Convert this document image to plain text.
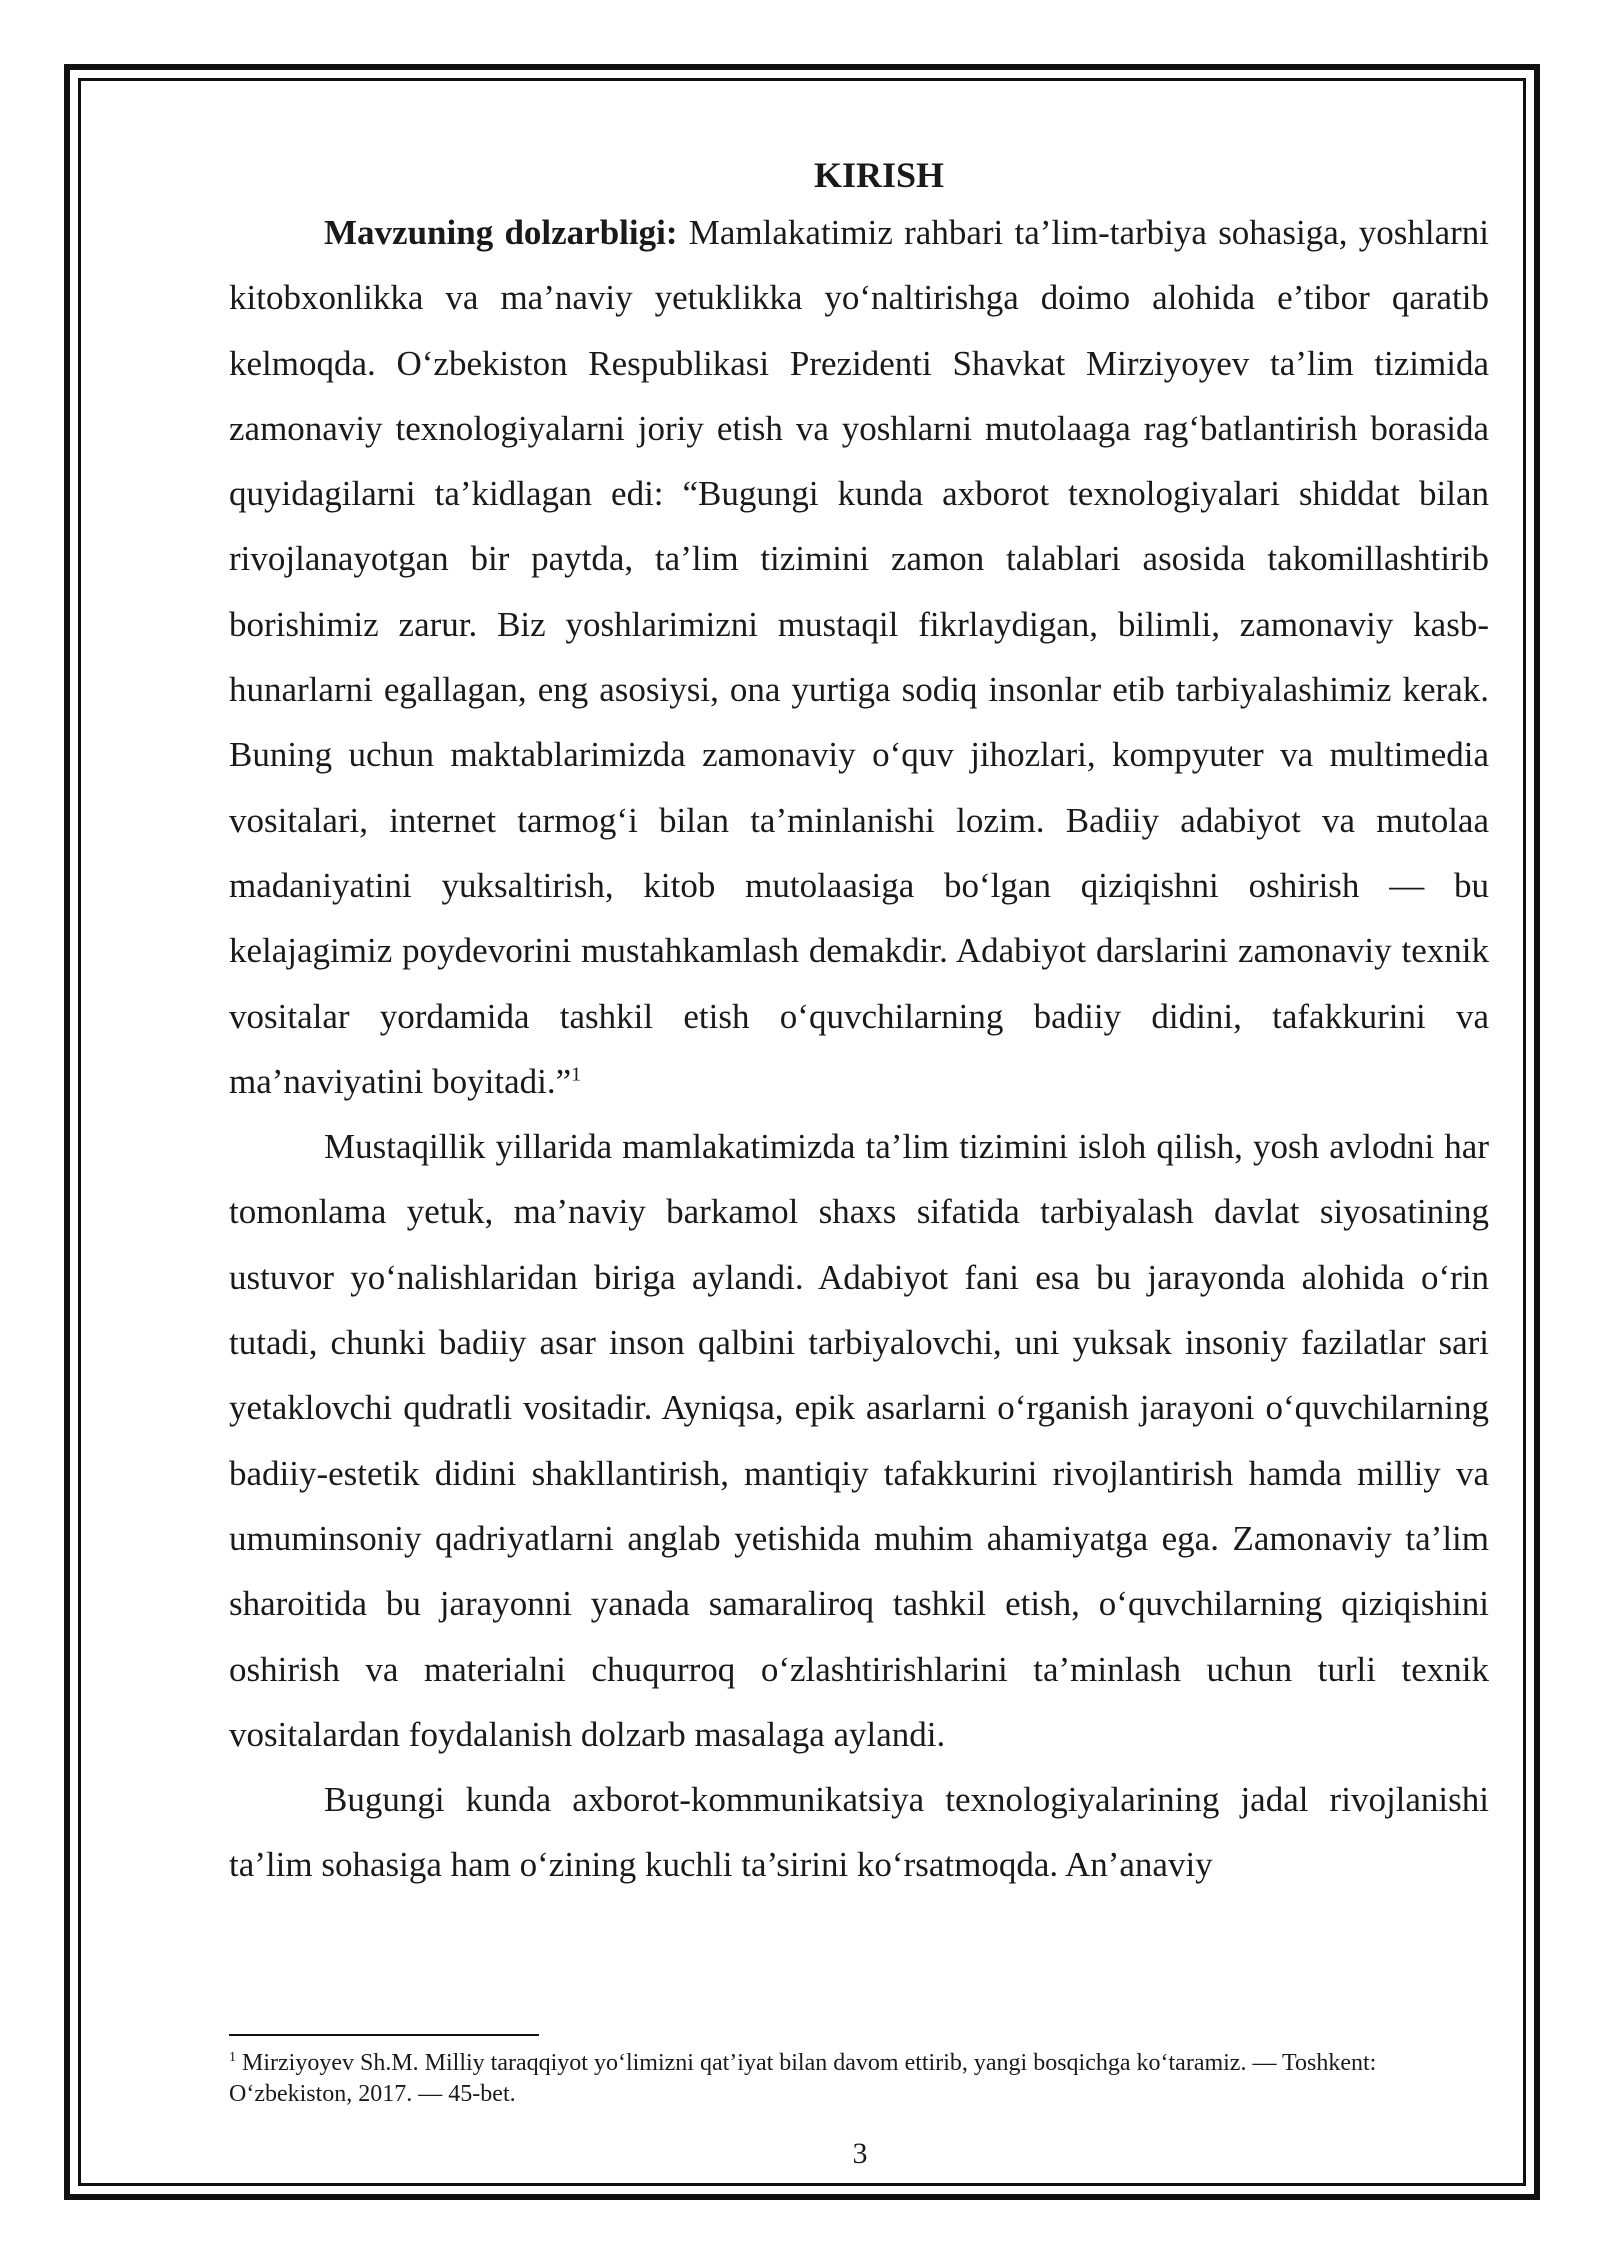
KIRISH

Mavzuning dolzarbligi: Mamlakatimiz rahbari ta’lim-tarbiya sohasiga, yoshlarni kitobxonlikka va ma’naviy yetuklikka yo‘naltirishga doimo alohida e’tibor qaratib kelmoqda. O‘zbekiston Respublikasi Prezidenti Shavkat Mirziyoyev ta’lim tizimida zamonaviy texnologiyalarni joriy etish va yoshlarni mutolaaga rag‘batlantirish borasida quyidagilarni ta’kidlagan edi: “Bugungi kunda axborot texnologiyalari shiddat bilan rivojlanayotgan bir paytda, ta’lim tizimini zamon talablari asosida takomillashtirib borishimiz zarur. Biz yoshlarimizni mustaqil fikrlaydigan, bilimli, zamonaviy kasb-hunarlarni egallagan, eng asosiysi, ona yurtiga sodiq insonlar etib tarbiyalashimiz kerak. Buning uchun maktablarimizda zamonaviy o‘quv jihozlari, kompyuter va multimedia vositalari, internet tarmog‘i bilan ta’minlanishi lozim. Badiiy adabiyot va mutolaa madaniyatini yuksaltirish, kitob mutolaasiga bo‘lgan qiziqishni oshirish — bu kelajagimiz poydevorini mustahkamlash demakdir. Adabiyot darslarini zamonaviy texnik vositalar yordamida tashkil etish o‘quvchilarning badiiy didini, tafakkurini va ma’naviyatini boyitadi.”$^1$

Mustaqillik yillarida mamlakatimizda ta’lim tizimini isloh qilish, yosh avlodni har tomonlama yetuk, ma’naviy barkamol shaxs sifatida tarbiyalash davlat siyosatining ustuvor yo‘nalishlaridan biriga aylandi. Adabiyot fani esa bu jarayonda alohida o‘rin tutadi, chunki badiiy asar inson qalbini tarbiyalovchi, uni yuksak insoniy fazilatlar sari yetaklovchi qudratli vositadir. Ayniqsa, epik asarlarni o‘rganish jarayoni o‘quvchilarning badiiy-estetik didini shakllantirish, mantiqiy tafakkurini rivojlantirish hamda milliy va umuminsoniy qadriyatlarni anglab yetishida muhim ahamiyatga ega. Zamonaviy ta’lim sharoitida bu jarayonni yanada samaraliroq tashkil etish, o‘quvchilarning qiziqishini oshirish va materialni chuqurroq o‘zlashtirishlarini ta’minlash uchun turli texnik vositalardan foydalanish dolzarb masalaga aylandi.

Bugungi kunda axborot-kommunikatsiya texnologiyalarining jadal rivojlanishi ta’lim sohasiga ham o‘zining kuchli ta’sirini ko‘rsatmoqda. An’anaviy

$^1$ Mirziyoyev Sh.M. Milliy taraqqiyot yo‘limizni qat’iyat bilan davom ettirib, yangi bosqichga ko‘taramiz. — Toshkent: O‘zbekiston, 2017. — 45-bet.

3
